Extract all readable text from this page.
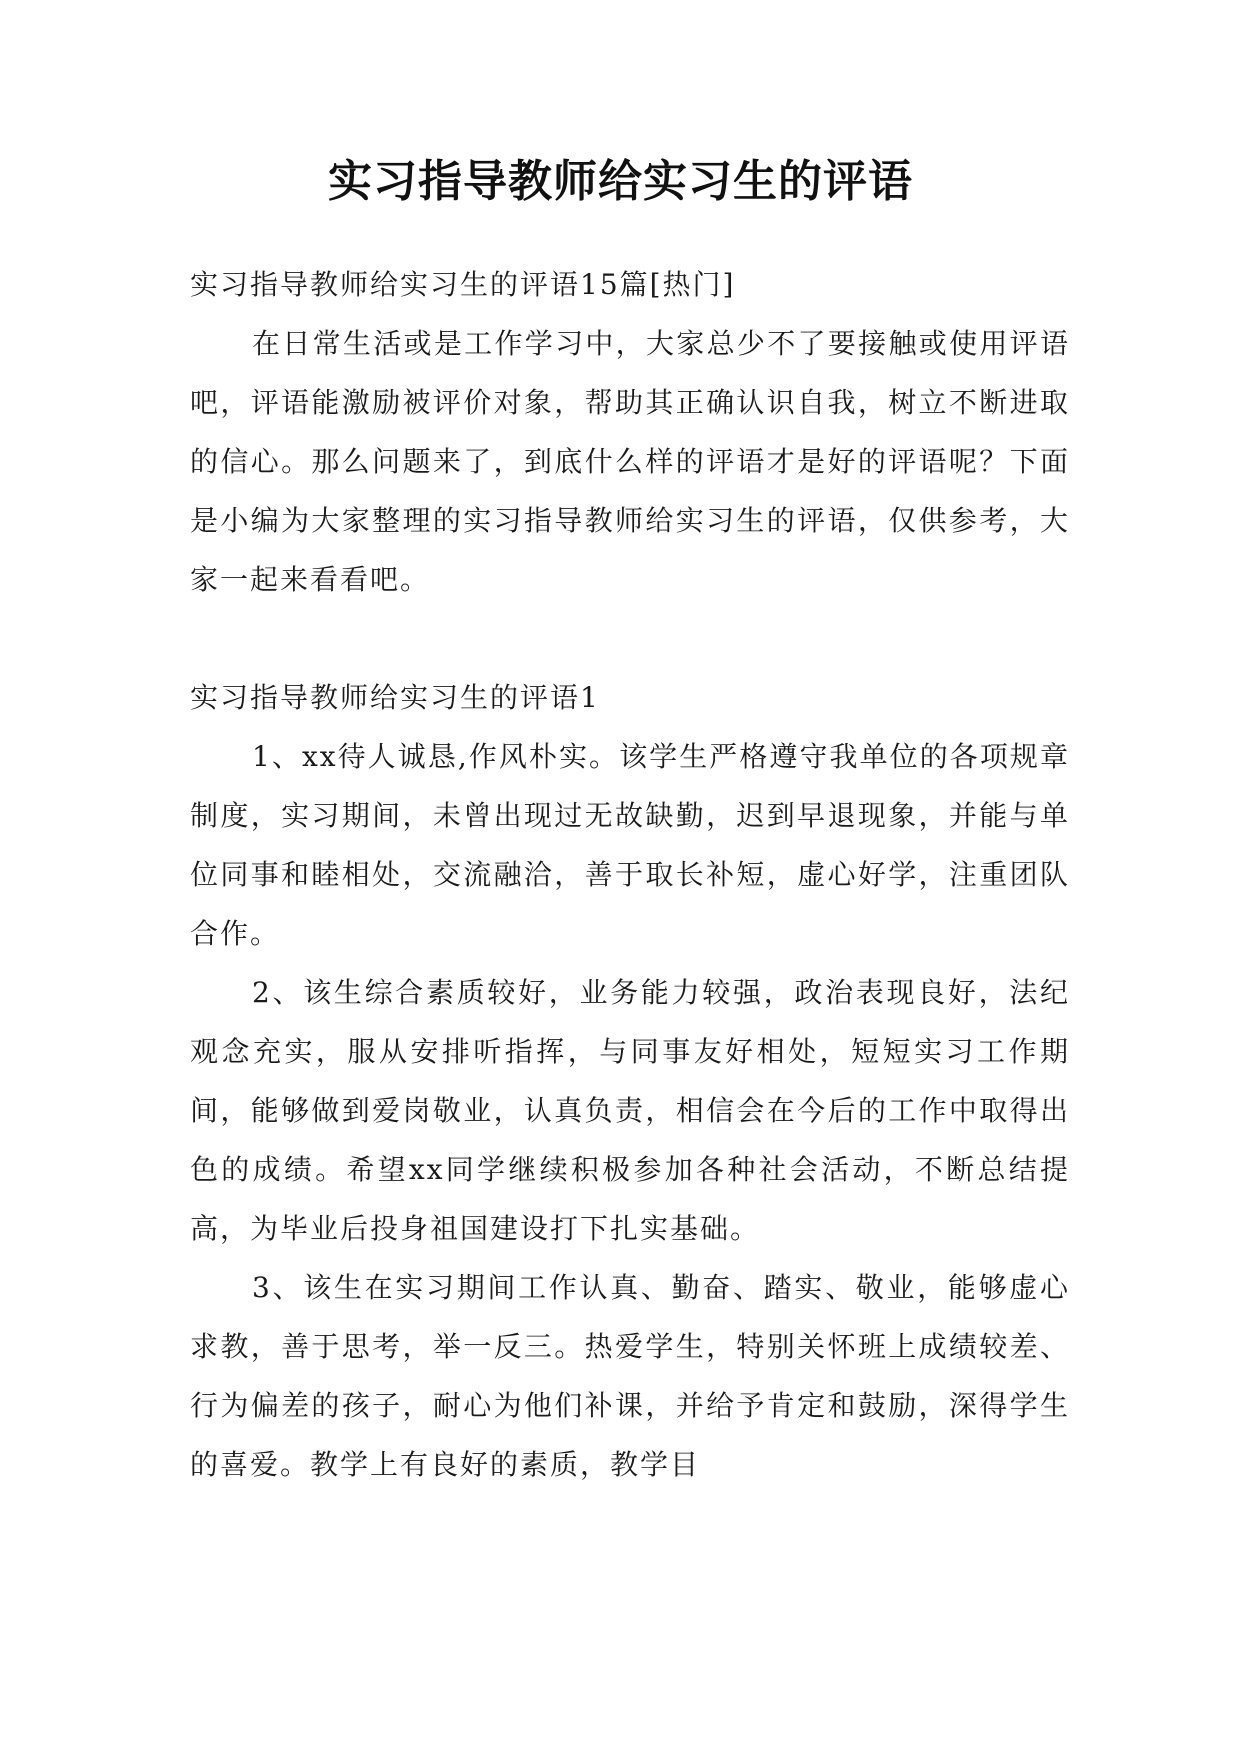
实习指导教师给实习生的评语

实习指导教师给实习生的评语15篇[热门]

在日常生活或是工作学习中，大家总少不了要接触或使用评语吧，评语能激励被评价对象，帮助其正确认识自我，树立不断进取的信心。那么问题来了，到底什么样的评语才是好的评语呢？下面是小编为大家整理的实习指导教师给实习生的评语，仅供参考，大家一起来看看吧。

实习指导教师给实习生的评语1

1、xx待人诚恳,作风朴实。该学生严格遵守我单位的各项规章制度，实习期间，未曾出现过无故缺勤，迟到早退现象，并能与单位同事和睦相处，交流融洽，善于取长补短，虚心好学，注重团队合作。

2、该生综合素质较好，业务能力较强，政治表现良好，法纪观念充实，服从安排听指挥，与同事友好相处，短短实习工作期间，能够做到爱岗敬业，认真负责，相信会在今后的工作中取得出色的成绩。希望xx同学继续积极参加各种社会活动，不断总结提高，为毕业后投身祖国建设打下扎实基础。

3、该生在实习期间工作认真、勤奋、踏实、敬业，能够虚心求教，善于思考，举一反三。热爱学生，特别关怀班上成绩较差、行为偏差的孩子，耐心为他们补课，并给予肯定和鼓励，深得学生的喜爱。教学上有良好的素质，教学目
